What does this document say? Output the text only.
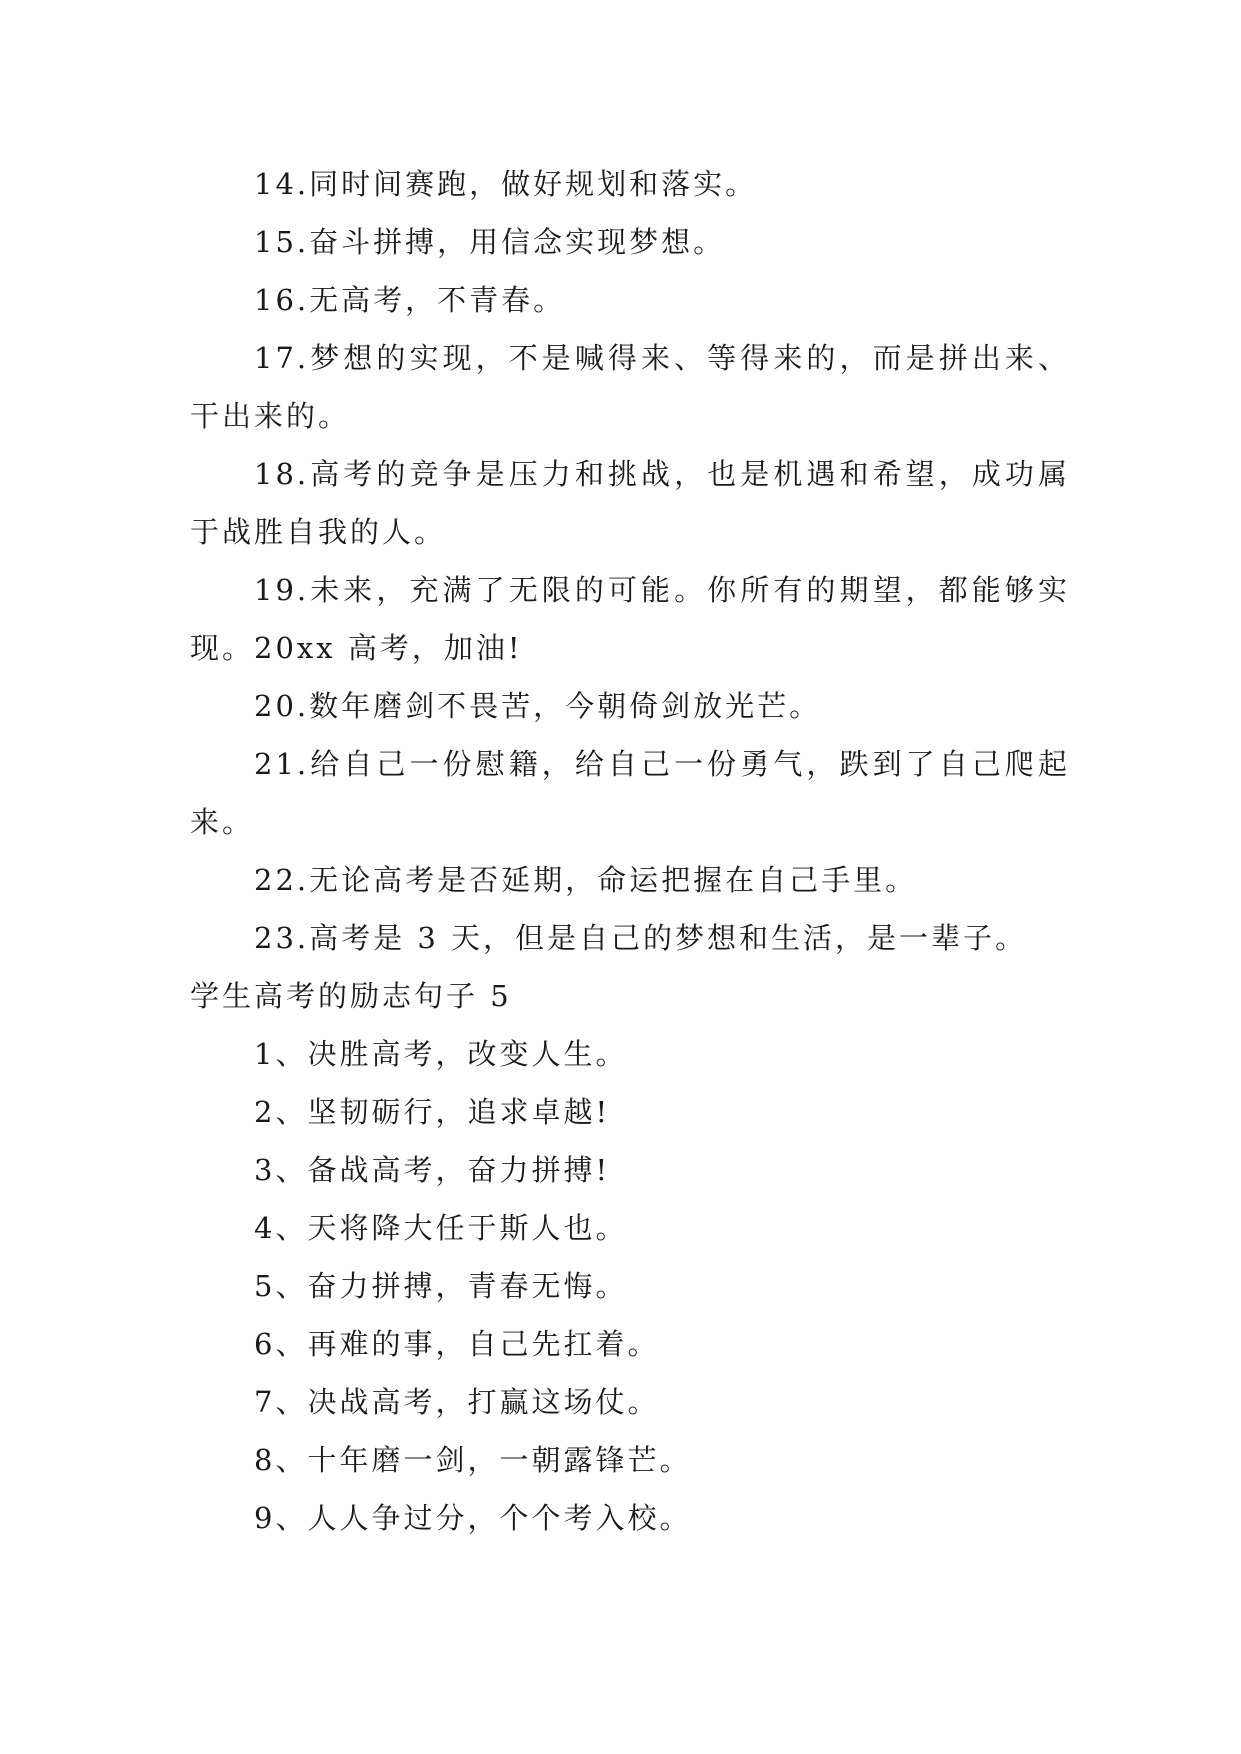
14.同时间赛跑，做好规划和落实。

15.奋斗拼搏，用信念实现梦想。

16.无高考，不青春。

17.梦想的实现，不是喊得来、等得来的，而是拼出来、干出来的。

18.高考的竞争是压力和挑战，也是机遇和希望，成功属于战胜自我的人。

19.未来，充满了无限的可能。你所有的期望，都能够实现。20xx 高考，加油!

20.数年磨剑不畏苦，今朝倚剑放光芒。

21.给自己一份慰籍，给自己一份勇气，跌到了自己爬起来。

22.无论高考是否延期，命运把握在自己手里。

23.高考是 3 天，但是自己的梦想和生活，是一辈子。

学生高考的励志句子 5

1、决胜高考，改变人生。

2、坚韧砺行，追求卓越!

3、备战高考，奋力拼搏!

4、天将降大任于斯人也。

5、奋力拼搏，青春无悔。

6、再难的事，自己先扛着。

7、决战高考，打赢这场仗。

8、十年磨一剑，一朝露锋芒。

9、人人争过分，个个考入校。
